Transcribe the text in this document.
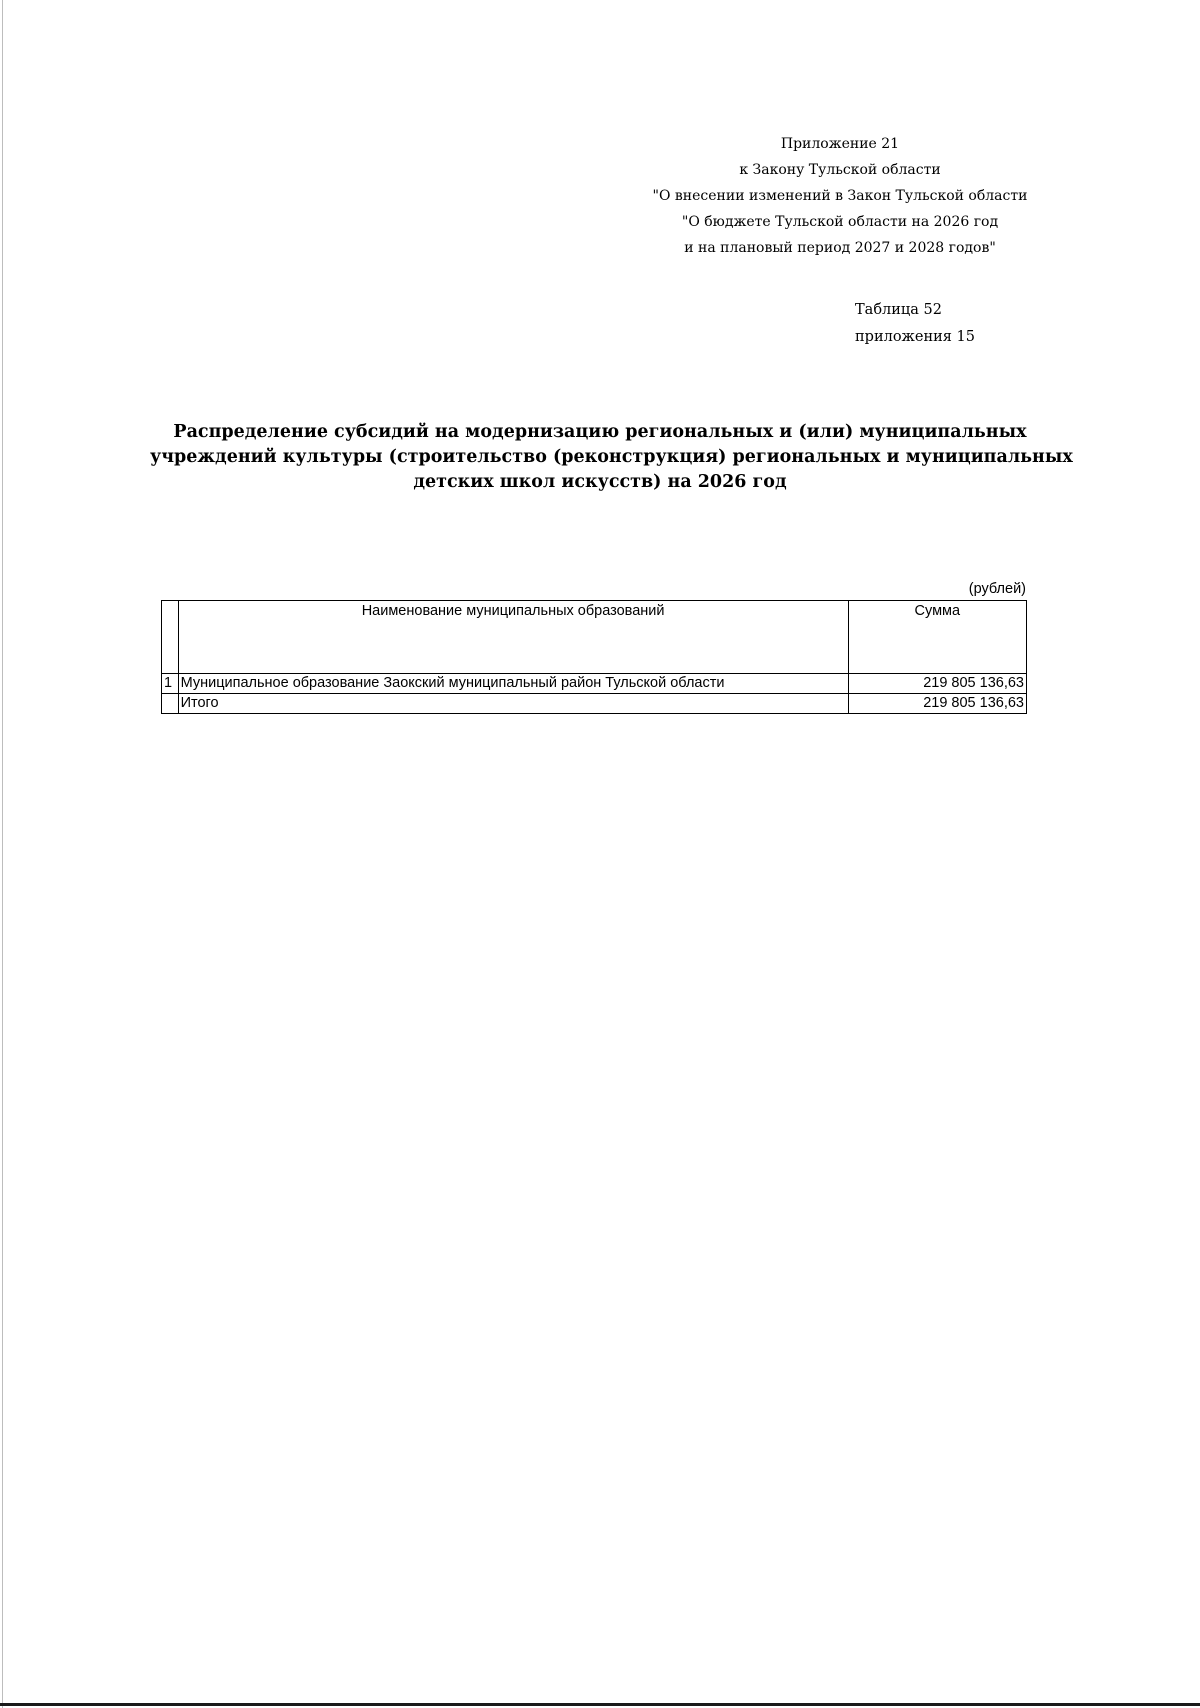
Приложение 21
к Закону Тульской области
"О внесении изменений в Закон Тульской области
"О бюджете Тульской области на 2026 год
и на плановый период 2027 и 2028 годов"
Таблица 52
приложения 15
Распределение субсидий на модернизацию региональных и (или) муниципальных
учреждений культуры (строительство (реконструкция) региональных и муниципальных
детских школ искусств) на 2026 год
(рублей)
	Наименование муниципальных образований	Сумма
1	Муниципальное образование Заокский муниципальный район Тульской области	219 805 136,63
	Итого	219 805 136,63
